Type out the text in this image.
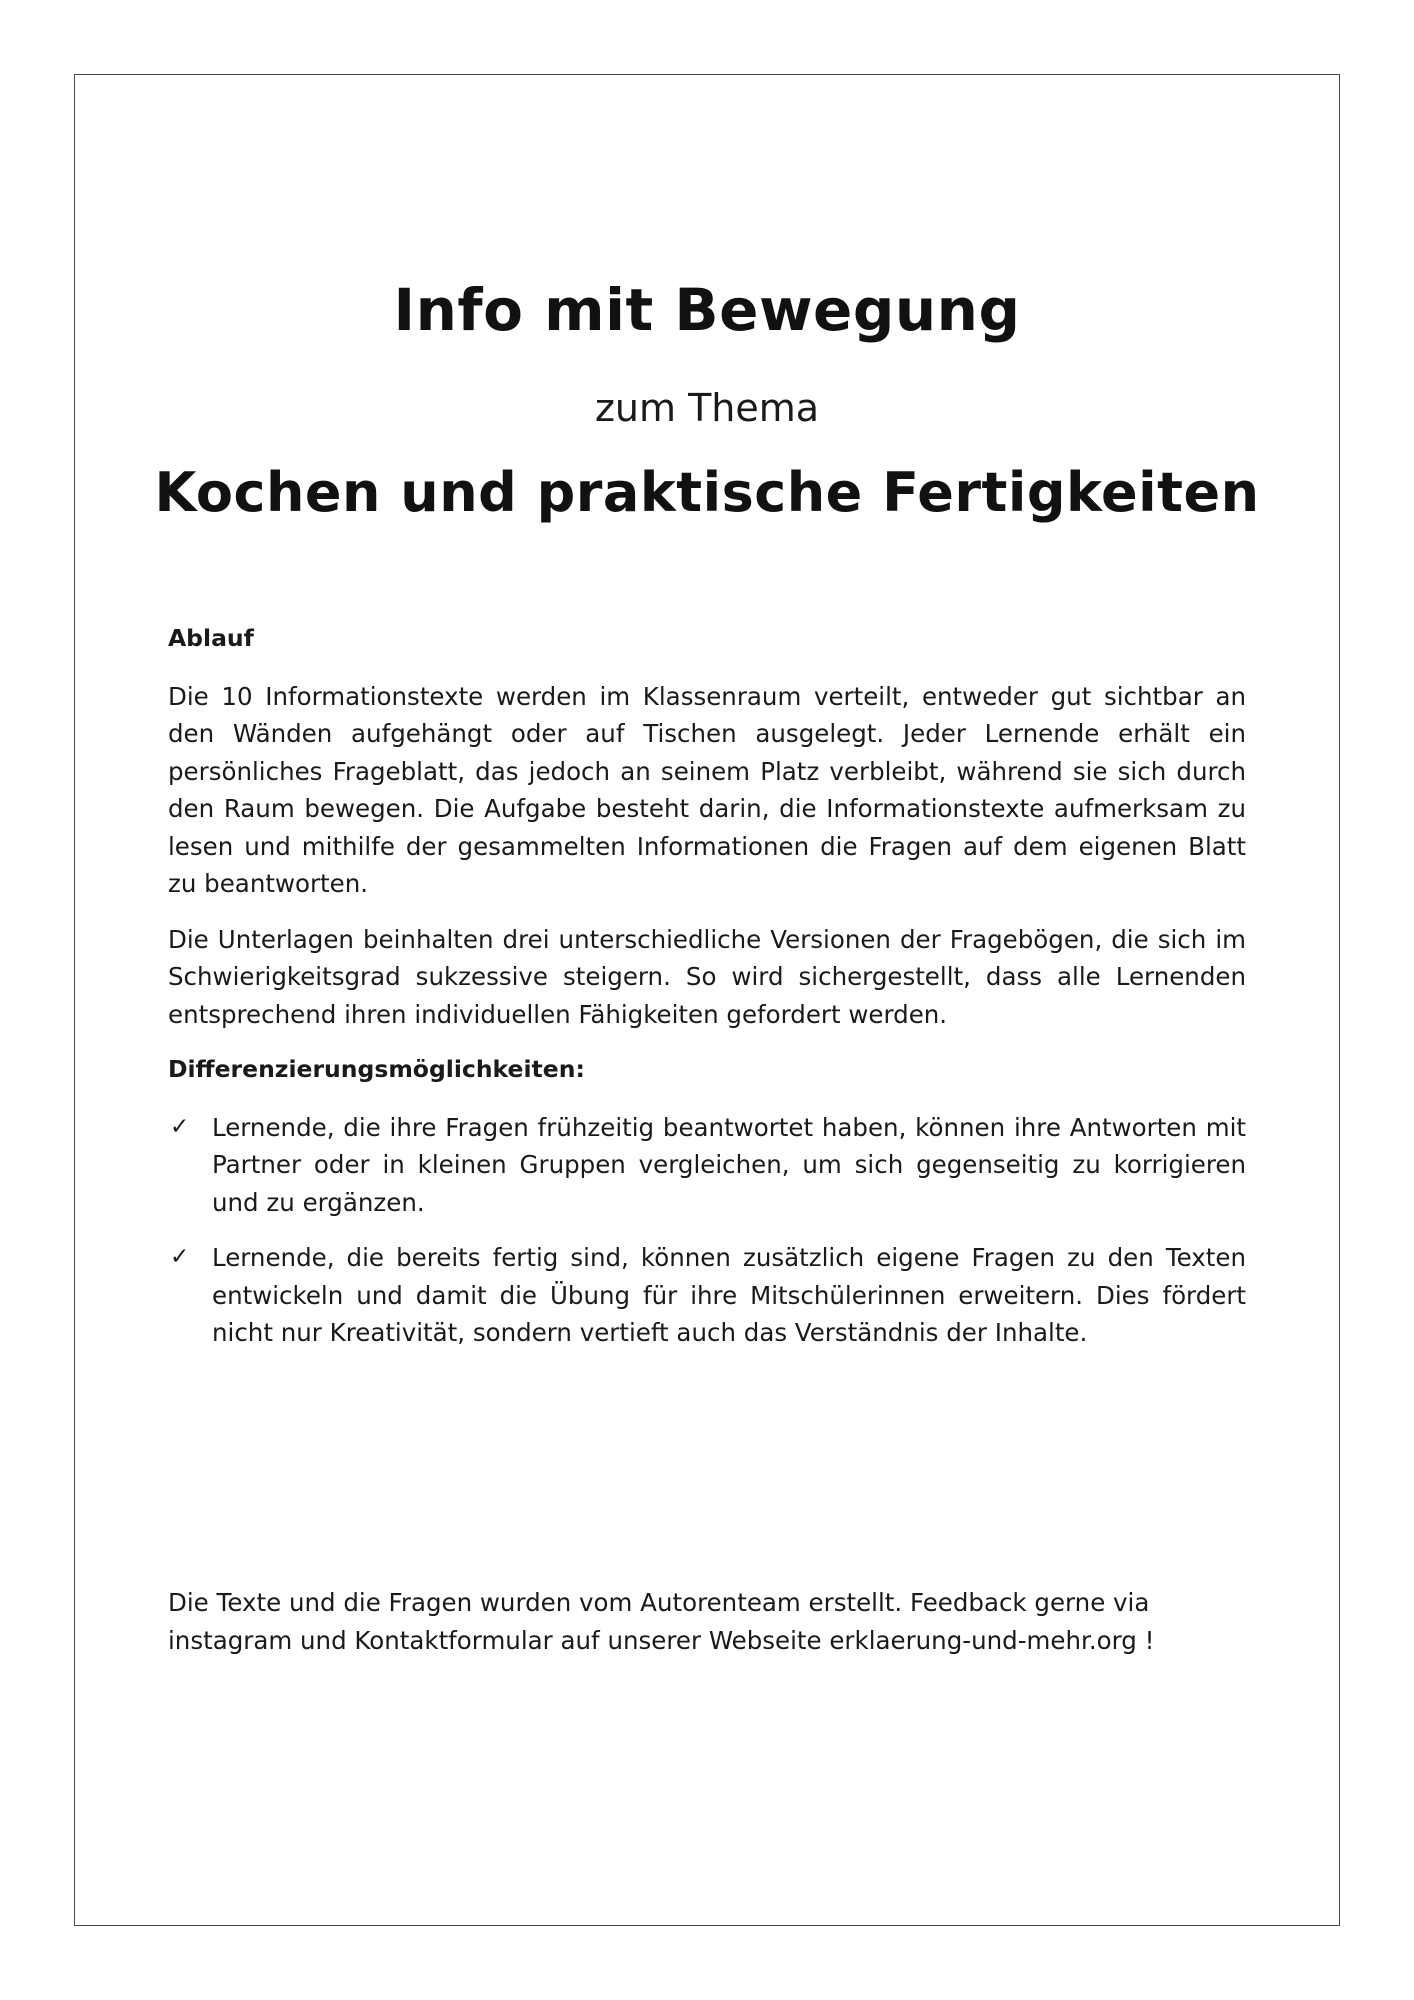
Info mit Bewegung
zum Thema
Kochen und praktische Fertigkeiten
Ablauf

Die 10 Informationstexte werden im Klassenraum verteilt, entweder gut sichtbar an den Wänden aufgehängt oder auf Tischen ausgelegt. Jeder Lernende erhält ein persönliches Frageblatt, das jedoch an seinem Platz verbleibt, während sie sich durch den Raum bewegen. Die Aufgabe besteht darin, die Informationstexte aufmerksam zu lesen und mithilfe der gesammelten Informationen die Fragen auf dem eigenen Blatt zu beantworten.

Die Unterlagen beinhalten drei unterschiedliche Versionen der Fragebögen, die sich im Schwierigkeitsgrad sukzessive steigern. So wird sichergestellt, dass alle Lernenden entsprechend ihren individuellen Fähigkeiten gefordert werden.

Differenzierungsmöglichkeiten:
✓ Lernende, die ihre Fragen frühzeitig beantwortet haben, können ihre Antworten mit Partner oder in kleinen Gruppen vergleichen, um sich gegenseitig zu korrigieren und zu ergänzen.
✓ Lernende, die bereits fertig sind, können zusätzlich eigene Fragen zu den Texten entwickeln und damit die Übung für ihre Mitschülerinnen erweitern. Dies fördert nicht nur Kreativität, sondern vertieft auch das Verständnis der Inhalte.
Die Texte und die Fragen wurden vom Autorenteam erstellt. Feedback gerne via
instagram und Kontaktformular auf unserer Webseite erklaerung-und-mehr.org !
